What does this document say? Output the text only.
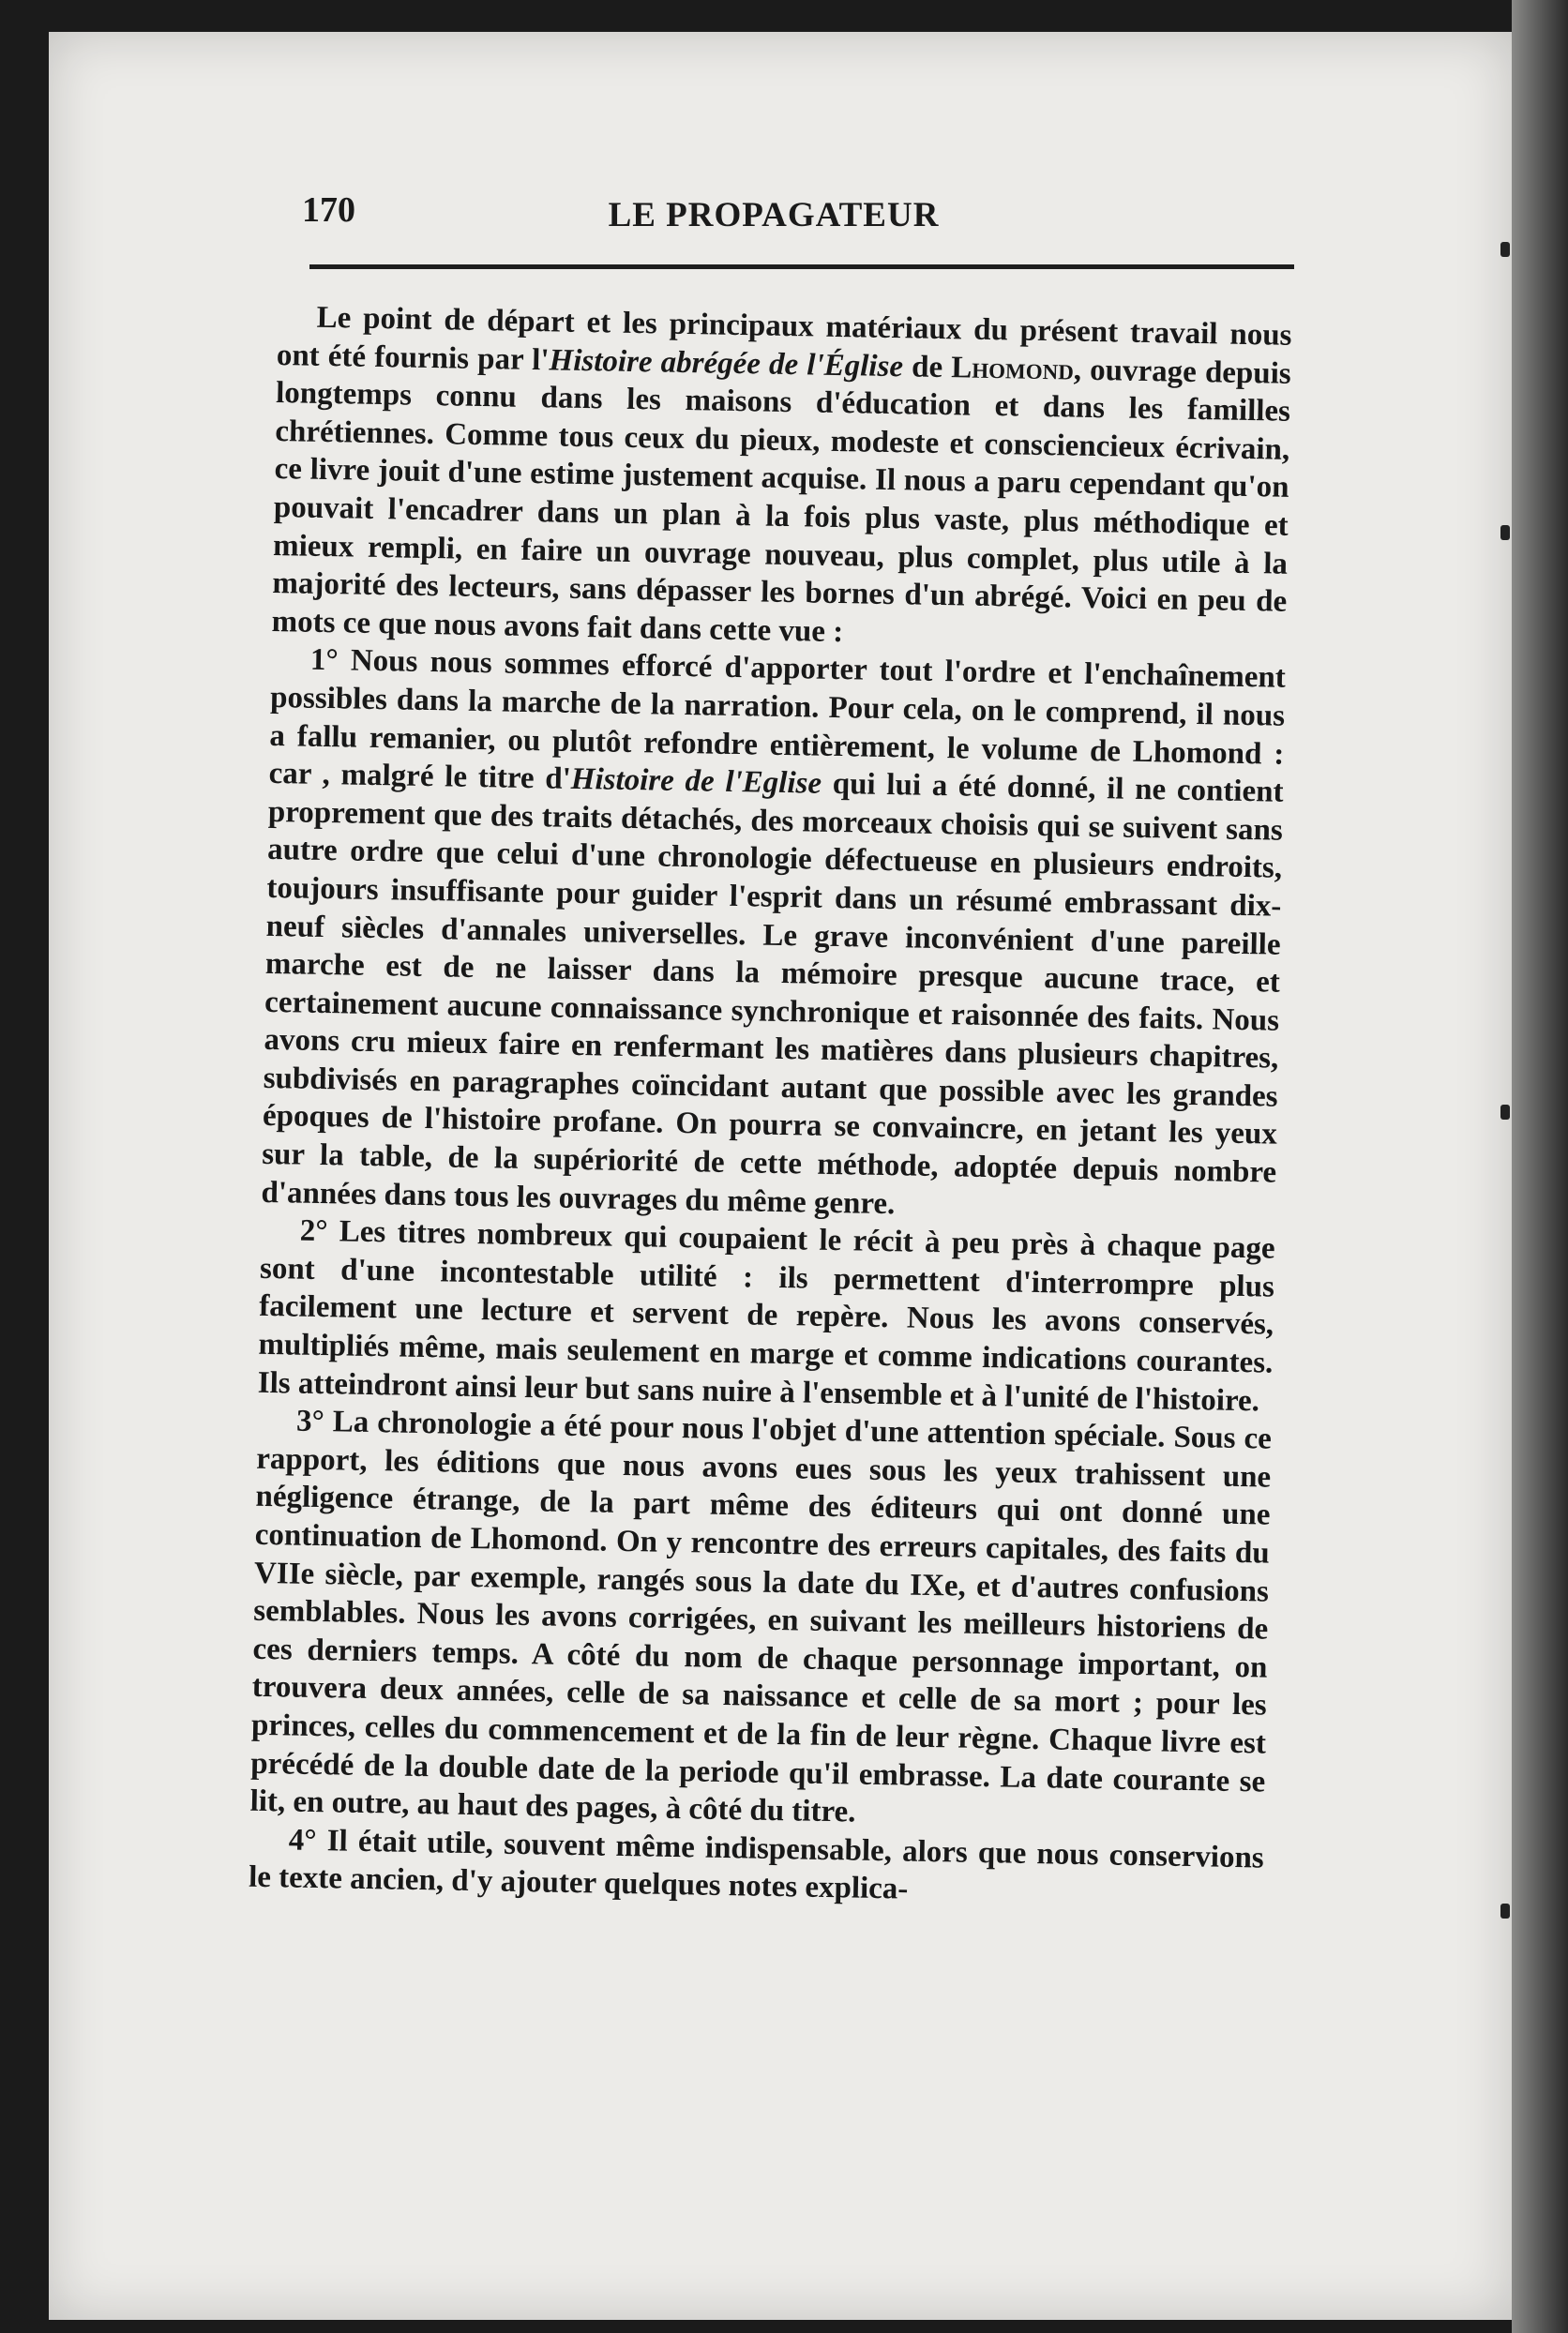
170	LE PROPAGATEUR

Le point de départ et les principaux matériaux du présent travail nous ont été fournis par l'Histoire abrégée de l'Église de Lhomond, ouvrage depuis longtemps connu dans les maisons d'éducation et dans les familles chrétiennes. Comme tous ceux du pieux, modeste et consciencieux écrivain, ce livre jouit d'une estime justement acquise. Il nous a paru cependant qu'on pouvait l'encadrer dans un plan à la fois plus vaste, plus méthodique et mieux rempli, en faire un ouvrage nouveau, plus complet, plus utile à la majorité des lecteurs, sans dépasser les bornes d'un abrégé. Voici en peu de mots ce que nous avons fait dans cette vue :

1° Nous nous sommes efforcé d'apporter tout l'ordre et l'enchaînement possibles dans la marche de la narration. Pour cela, on le comprend, il nous a fallu remanier, ou plutôt refondre entièrement, le volume de Lhomond : car , malgré le titre d'Histoire de l'Eglise qui lui a été donné, il ne contient proprement que des traits détachés, des morceaux choisis qui se suivent sans autre ordre que celui d'une chronologie défectueuse en plusieurs endroits, toujours insuffisante pour guider l'esprit dans un résumé embrassant dix-neuf siècles d'annales universelles. Le grave inconvénient d'une pareille marche est de ne laisser dans la mémoire presque aucune trace, et certainement aucune connaissance synchronique et raisonnée des faits. Nous avons cru mieux faire en renfermant les matières dans plusieurs chapitres, subdivisés en paragraphes coïncidant autant que possible avec les grandes époques de l'histoire profane. On pourra se convaincre, en jetant les yeux sur la table, de la supériorité de cette méthode, adoptée depuis nombre d'années dans tous les ouvrages du même genre.

2° Les titres nombreux qui coupaient le récit à peu près à chaque page sont d'une incontestable utilité : ils permettent d'interrompre plus facilement une lecture et servent de repère. Nous les avons conservés, multipliés même, mais seulement en marge et comme indications courantes. Ils atteindront ainsi leur but sans nuire à l'ensemble et à l'unité de l'histoire.

3° La chronologie a été pour nous l'objet d'une attention spéciale. Sous ce rapport, les éditions que nous avons eues sous les yeux trahissent une négligence étrange, de la part même des éditeurs qui ont donné une continuation de Lhomond. On y rencontre des erreurs capitales, des faits du VIIe siècle, par exemple, rangés sous la date du IXe, et d'autres confusions semblables. Nous les avons corrigées, en suivant les meilleurs historiens de ces derniers temps. A côté du nom de chaque personnage important, on trouvera deux années, celle de sa naissance et celle de sa mort ; pour les princes, celles du commencement et de la fin de leur règne. Chaque livre est précédé de la double date de la periode qu'il embrasse. La date courante se lit, en outre, au haut des pages, à côté du titre.

4° Il était utile, souvent même indispensable, alors que nous conservions le texte ancien, d'y ajouter quelques notes explica-
